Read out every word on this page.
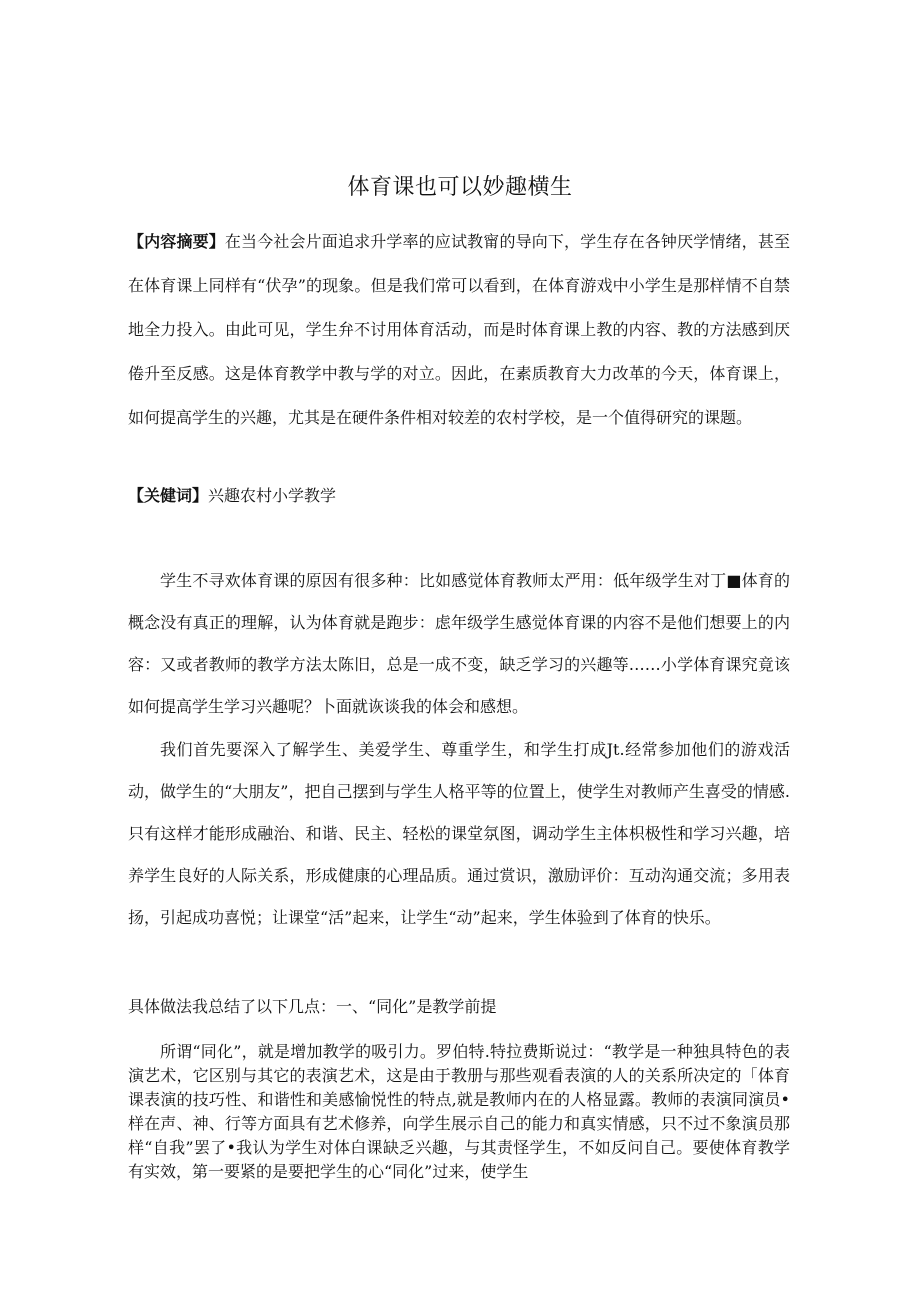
体育课也可以妙趣横生
【内容摘要】在当今社会片面追求升学率的应试教甯的导向下，学生存在各钟厌学情绪，甚至在体育课上同样有“伏孕”的现象。但是我们常可以看到，在体育游戏中小学生是那样情不自禁地全力投入。由此可见，学生弁不讨用体育活动，而是时体育课上教的内容、教的方法感到厌倦升至反感。这是体育教学中教与学的对立。因此，在素质教育大力改革的今天，体育课上，如何提高学生的兴趣，尤其是在硬件条件相对较差的农村学校，是一个值得研究的课题。
【关健词】兴趣农村小学教学
学生不寻欢体育课的原因有很多种：比如感觉体育教师太严用：低年级学生对丁■体育的概念没有真正的理解，认为体育就是跑步：虑年级学生感觉体育课的内容不是他们想要上的内容：又或者教师的教学方法太陈旧，总是一成不变，缺乏学习的兴趣等……小学体育课究竟该如何提高学生学习兴趣呢？卜面就诙谈我的体会和感想。
我们首先要深入了解学生、美爱学生、尊重学生，和学生打成Jt.经常参加他们的游戏活动，做学生的“大朋友”，把自己摆到与学生人格平等的位置上，使学生对教师产生喜受的情感.只有这样才能形成融治、和谐、民主、轻松的课堂氛图，调动学生主体枳极性和学习兴趣，培养学生良好的人际关系，形成健康的心理品质。通过赏识，激励评价：互动沟通交流；多用表扬，引起成功喜悦；让课堂“活”起来，让学生“动”起来，学生体验到了体育的快乐。
具体做法我总结了以下几点：一、“同化”是教学前提
所谓“同化”，就是增加教学的吸引力。罗伯特.特拉费斯说过：“教学是一种独具特色的表演艺术，它区别与其它的表演艺术，这是由于教册与那些观看表演的人的关系所决定的「体育课表演的技巧性、和谐性和美感愉悦性的特点,就是教师内在的人格显露。教师的表演同演员•样在声、神、行等方面具有艺术修养，向学生展示自己的能力和真实情感，只不过不象演员那样“自我”罢了•我认为学生对体白课缺乏兴趣，与其责怪学生，不如反问自己。要使体育教学有实效，第一要紧的是要把学生的心“同化”过来，使学生
